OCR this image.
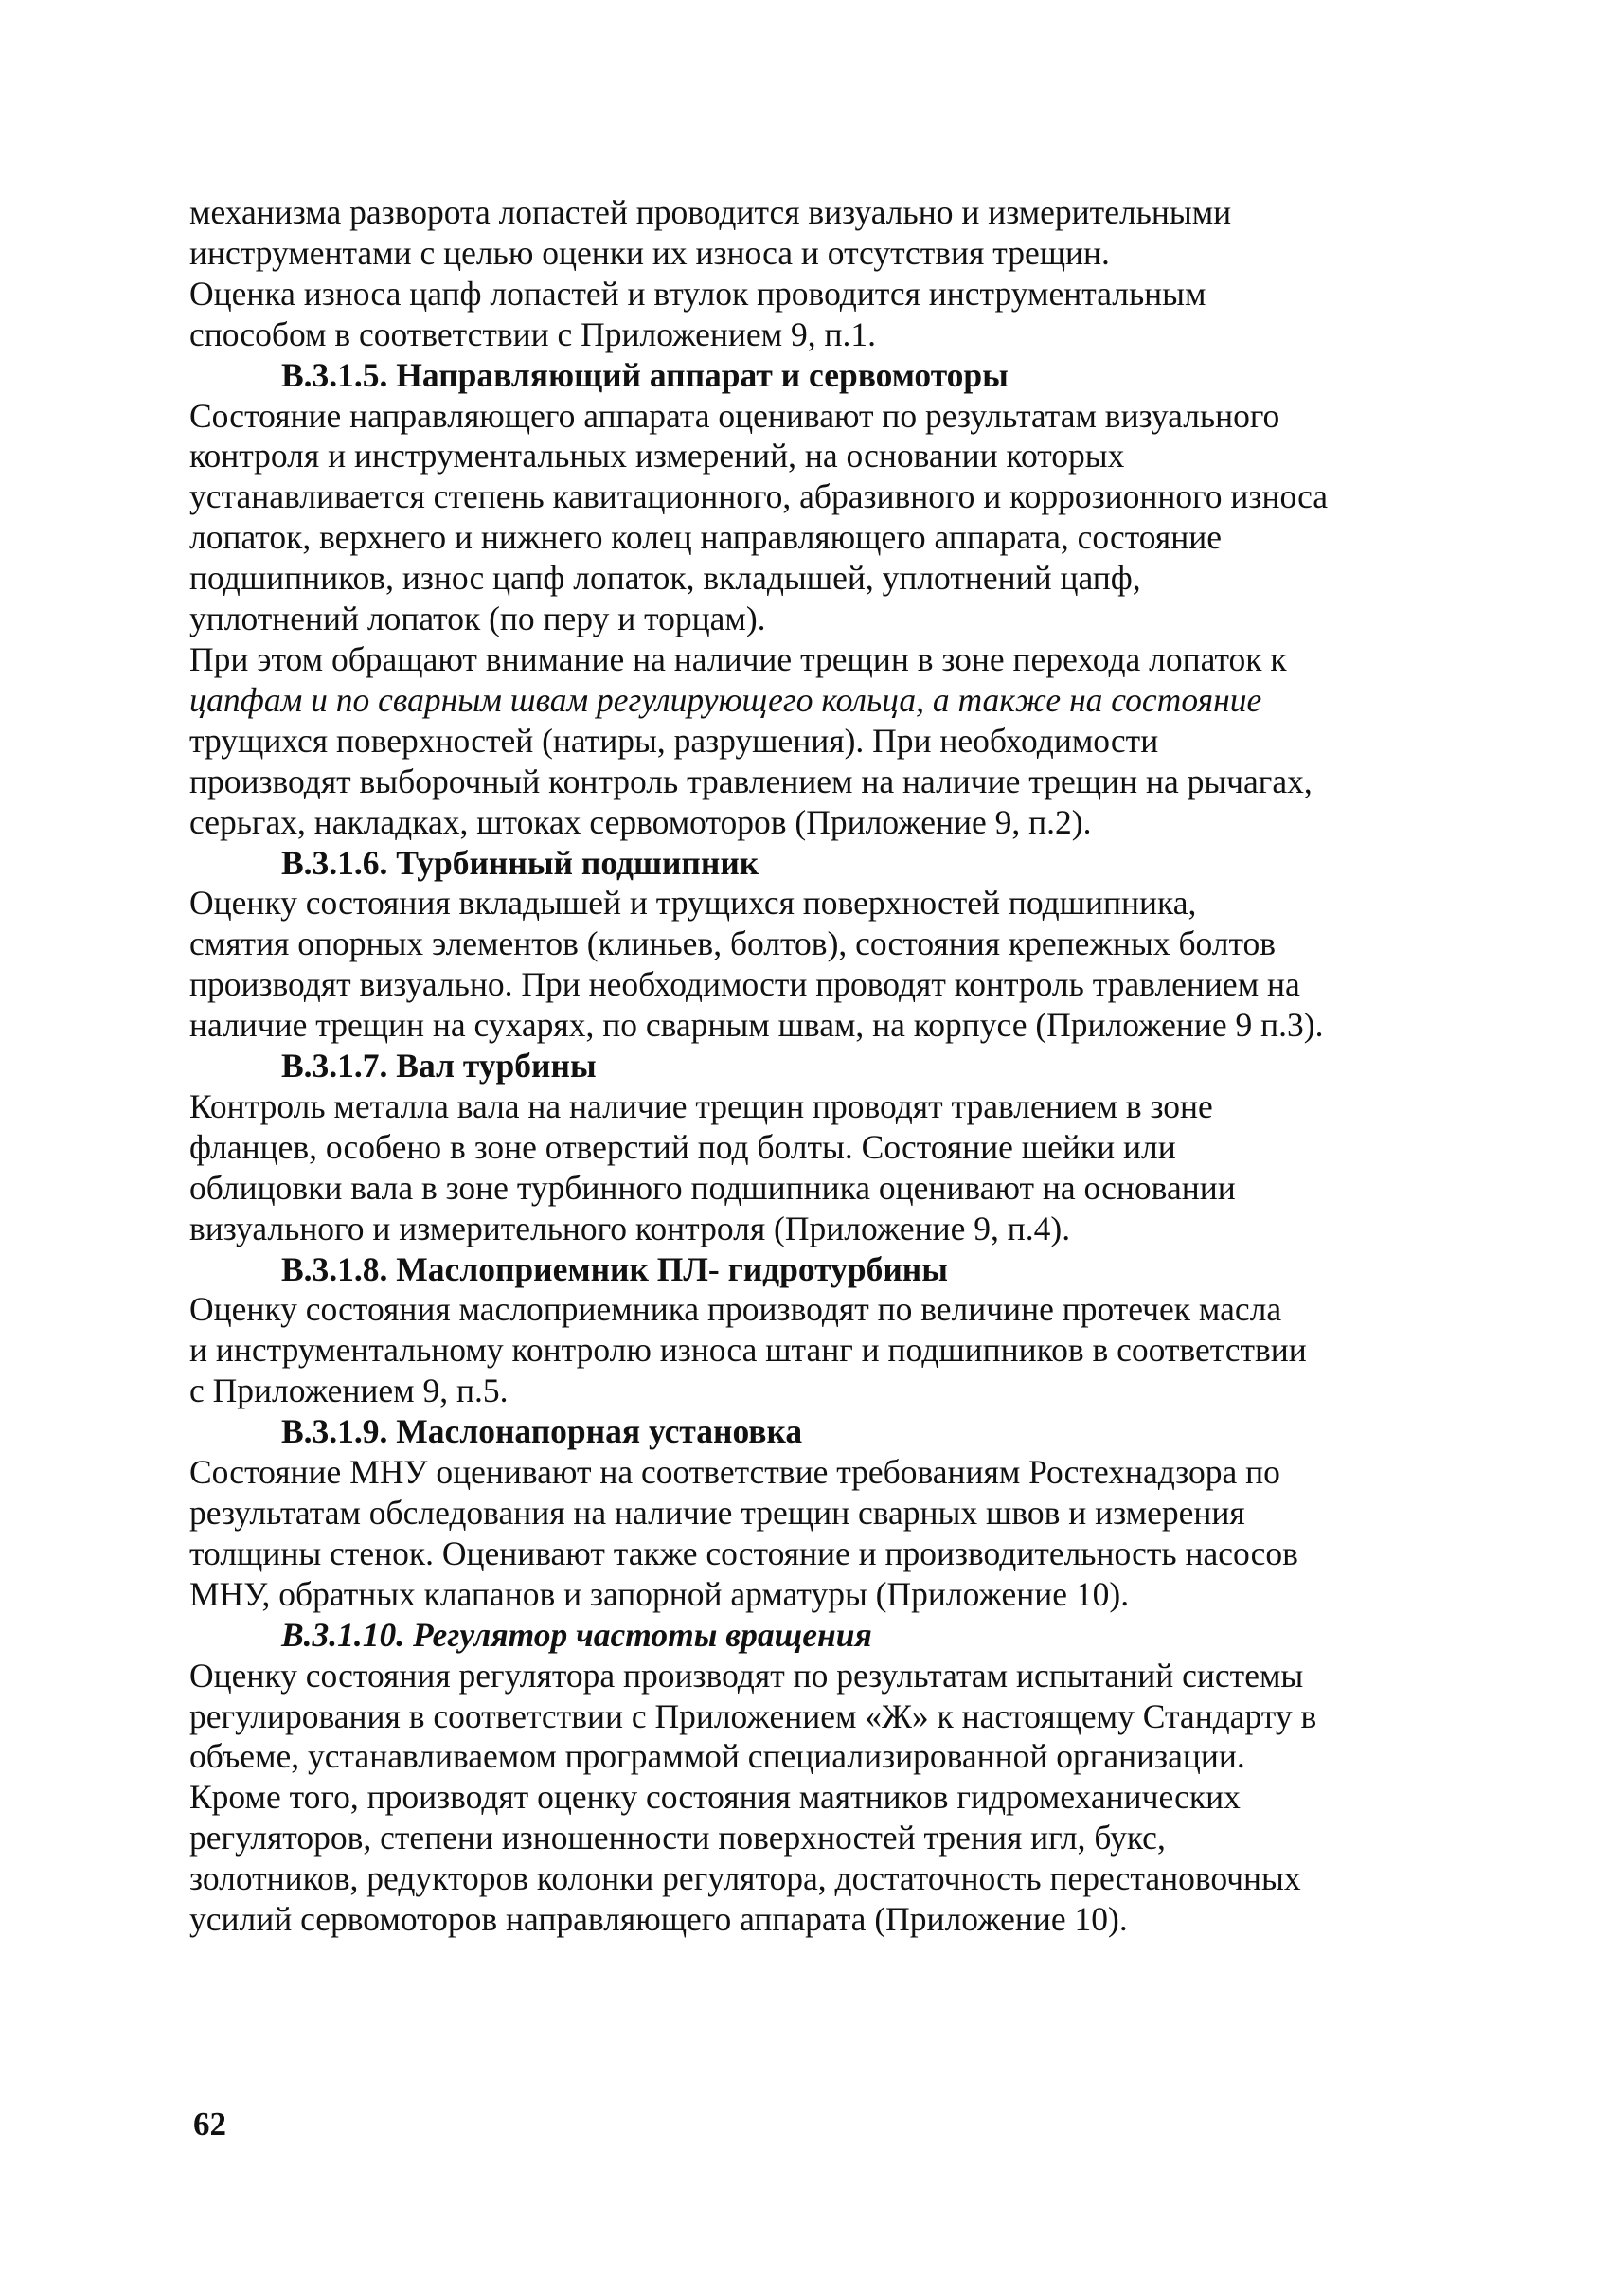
механизма разворота лопастей проводится визуально и измерительными
инструментами с целью оценки их износа и отсутствия трещин.

Оценка износа цапф лопастей и втулок проводится инструментальным
способом в соответствии с Приложением 9, п.1.

В.3.1.5. Направляющий аппарат и сервомоторы

Состояние направляющего аппарата оценивают по результатам визуального
контроля и инструментальных измерений, на основании которых
устанавливается степень кавитационного, абразивного и коррозионного износа
лопаток, верхнего и нижнего колец направляющего аппарата, состояние
подшипников, износ цапф лопаток, вкладышей, уплотнений цапф,
уплотнений лопаток (по перу и торцам).

При этом обращают внимание на наличие трещин в зоне перехода лопаток к
цапфам и по сварным швам регулирующего кольца, а также на состояние
трущихся поверхностей (натиры, разрушения). При необходимости
производят выборочный контроль травлением на наличие трещин на рычагах,
серьгах, накладках, штоках сервомоторов (Приложение 9, п.2).

В.3.1.6. Турбинный подшипник

Оценку состояния вкладышей и трущихся поверхностей подшипника,
смятия опорных элементов (клиньев, болтов), состояния крепежных болтов
производят визуально. При необходимости проводят контроль травлением на
наличие трещин на сухарях, по сварным швам, на корпусе (Приложение 9 п.3).

В.3.1.7. Вал турбины

Контроль металла вала на наличие трещин проводят травлением в зоне
фланцев, особено в зоне отверстий под болты. Состояние шейки или
облицовки вала в зоне турбинного подшипника оценивают на основании
визуального и измерительного контроля (Приложение 9, п.4).

В.3.1.8. Маслоприемник ПЛ- гидротурбины

Оценку состояния маслоприемника производят по величине протечек масла
и инструментальному контролю износа штанг и подшипников в соответствии
с Приложением 9, п.5.

В.3.1.9. Маслонапорная установка

Состояние МНУ оценивают на соответствие требованиям Ростехнадзора по
результатам обследования на наличие трещин сварных швов и измерения
толщины стенок. Оценивают также состояние и производительность насосов
МНУ, обратных клапанов и запорной арматуры (Приложение 10).

В.3.1.10. Регулятор частоты вращения

Оценку состояния регулятора производят по результатам испытаний системы
регулирования в соответствии с Приложением «Ж» к настоящему Стандарту в
объеме, устанавливаемом программой специализированной организации.

Кроме того, производят оценку состояния маятников гидромеханических
регуляторов, степени изношенности поверхностей трения игл, букс,
золотников, редукторов колонки регулятора, достаточность перестановочных
усилий сервомоторов направляющего аппарата (Приложение 10).

62
